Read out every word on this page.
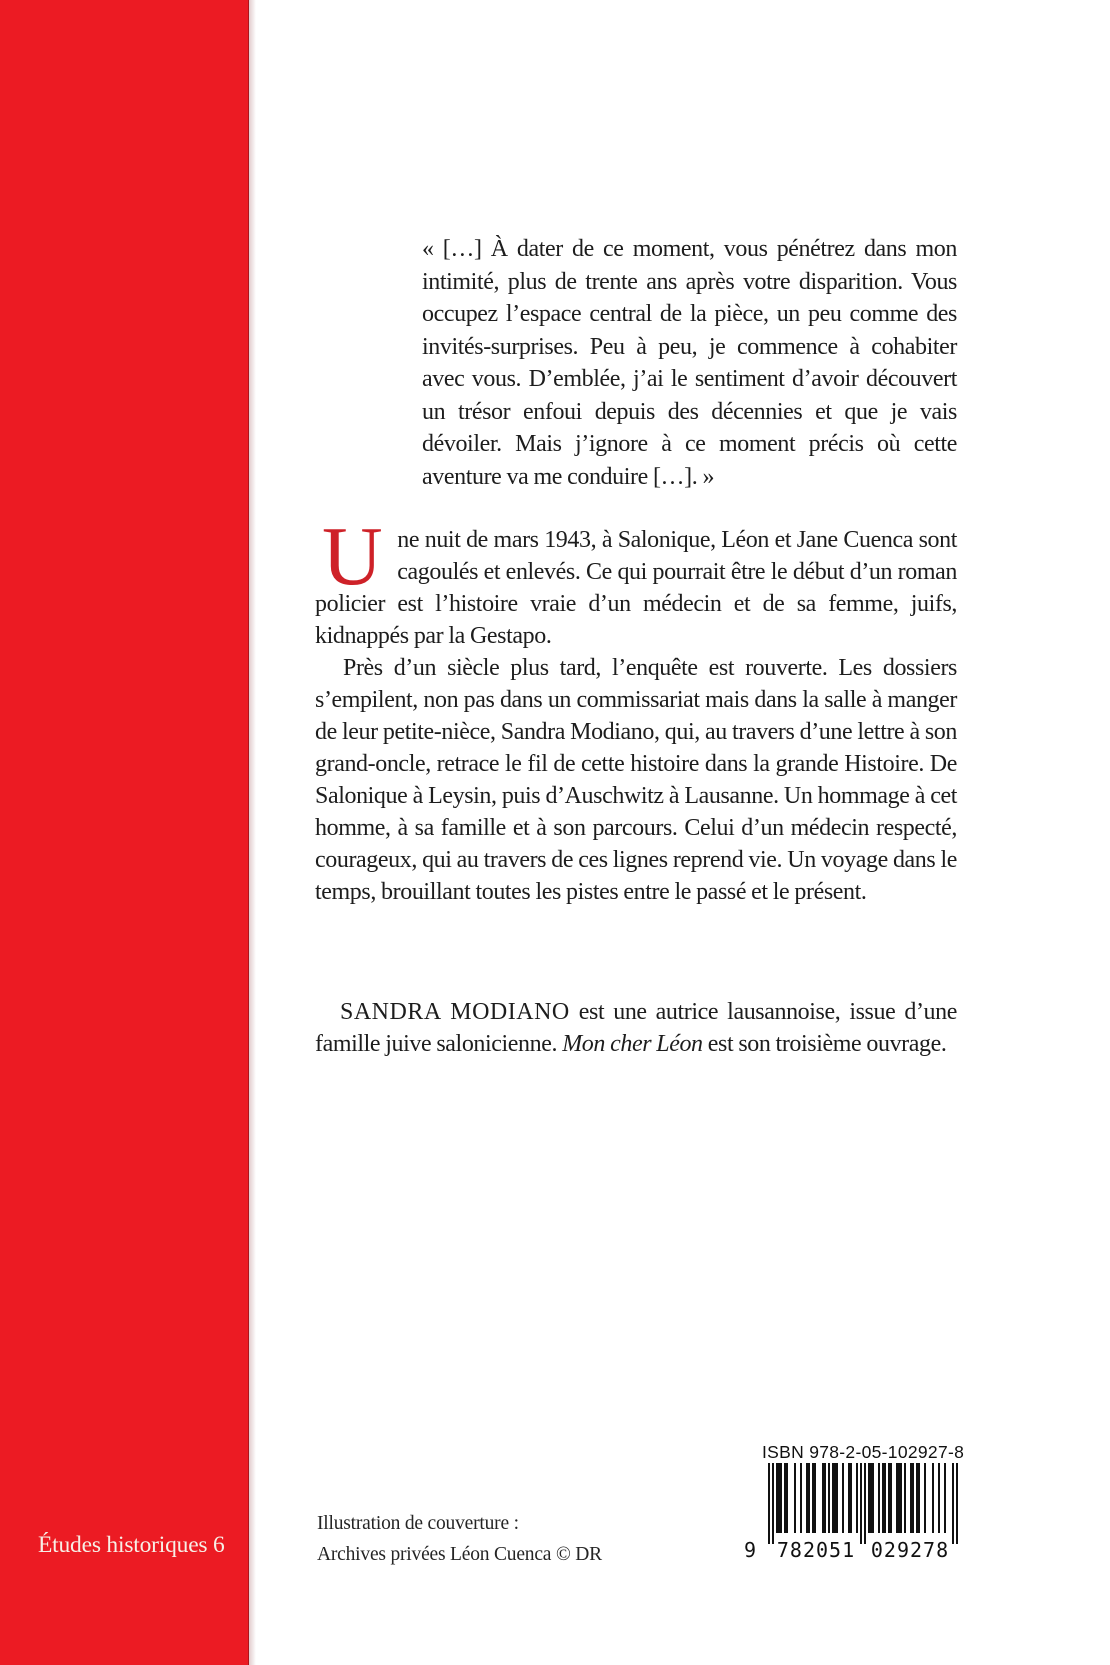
Études historiques 6
« […] À dater de ce moment, vous pénétrez dans mon intimité, plus de trente ans après votre disparition. Vous occupez l’espace central de la pièce, un peu comme des invités-surprises. Peu à peu, je commence à cohabiter avec vous. D’emblée, j’ai le sentiment d’avoir découvert un trésor enfoui depuis des décennies et que je vais dévoiler. Mais j’ignore à ce moment précis où cette aventure va me conduire […]. »

Une nuit de mars 1943, à Salonique, Léon et Jane Cuenca sont cagoulés et enlevés. Ce qui pourrait être le début d’un roman policier est l’histoire vraie d’un médecin et de sa femme, juifs, kidnappés par la Gestapo.

Près d’un siècle plus tard, l’enquête est rouverte. Les dossiers s’empilent, non pas dans un commissariat mais dans la salle à manger de leur petite-nièce, Sandra Modiano, qui, au travers d’une lettre à son grand-oncle, retrace le fil de cette histoire dans la grande Histoire. De Salonique à Leysin, puis d’Auschwitz à Lausanne. Un hommage à cet homme, à sa famille et à son parcours. Celui d’un médecin respecté, courageux, qui au travers de ces lignes reprend vie. Un voyage dans le temps, brouillant toutes les pistes entre le passé et le présent.

SANDRA MODIANO est une autrice lausannoise, issue d’une famille juive salonicienne. Mon cher Léon est son troisième ouvrage.

Illustration de couverture :
Archives privées Léon Cuenca © DR
ISBN 978-2-05-102927-8
9 782051 029278
